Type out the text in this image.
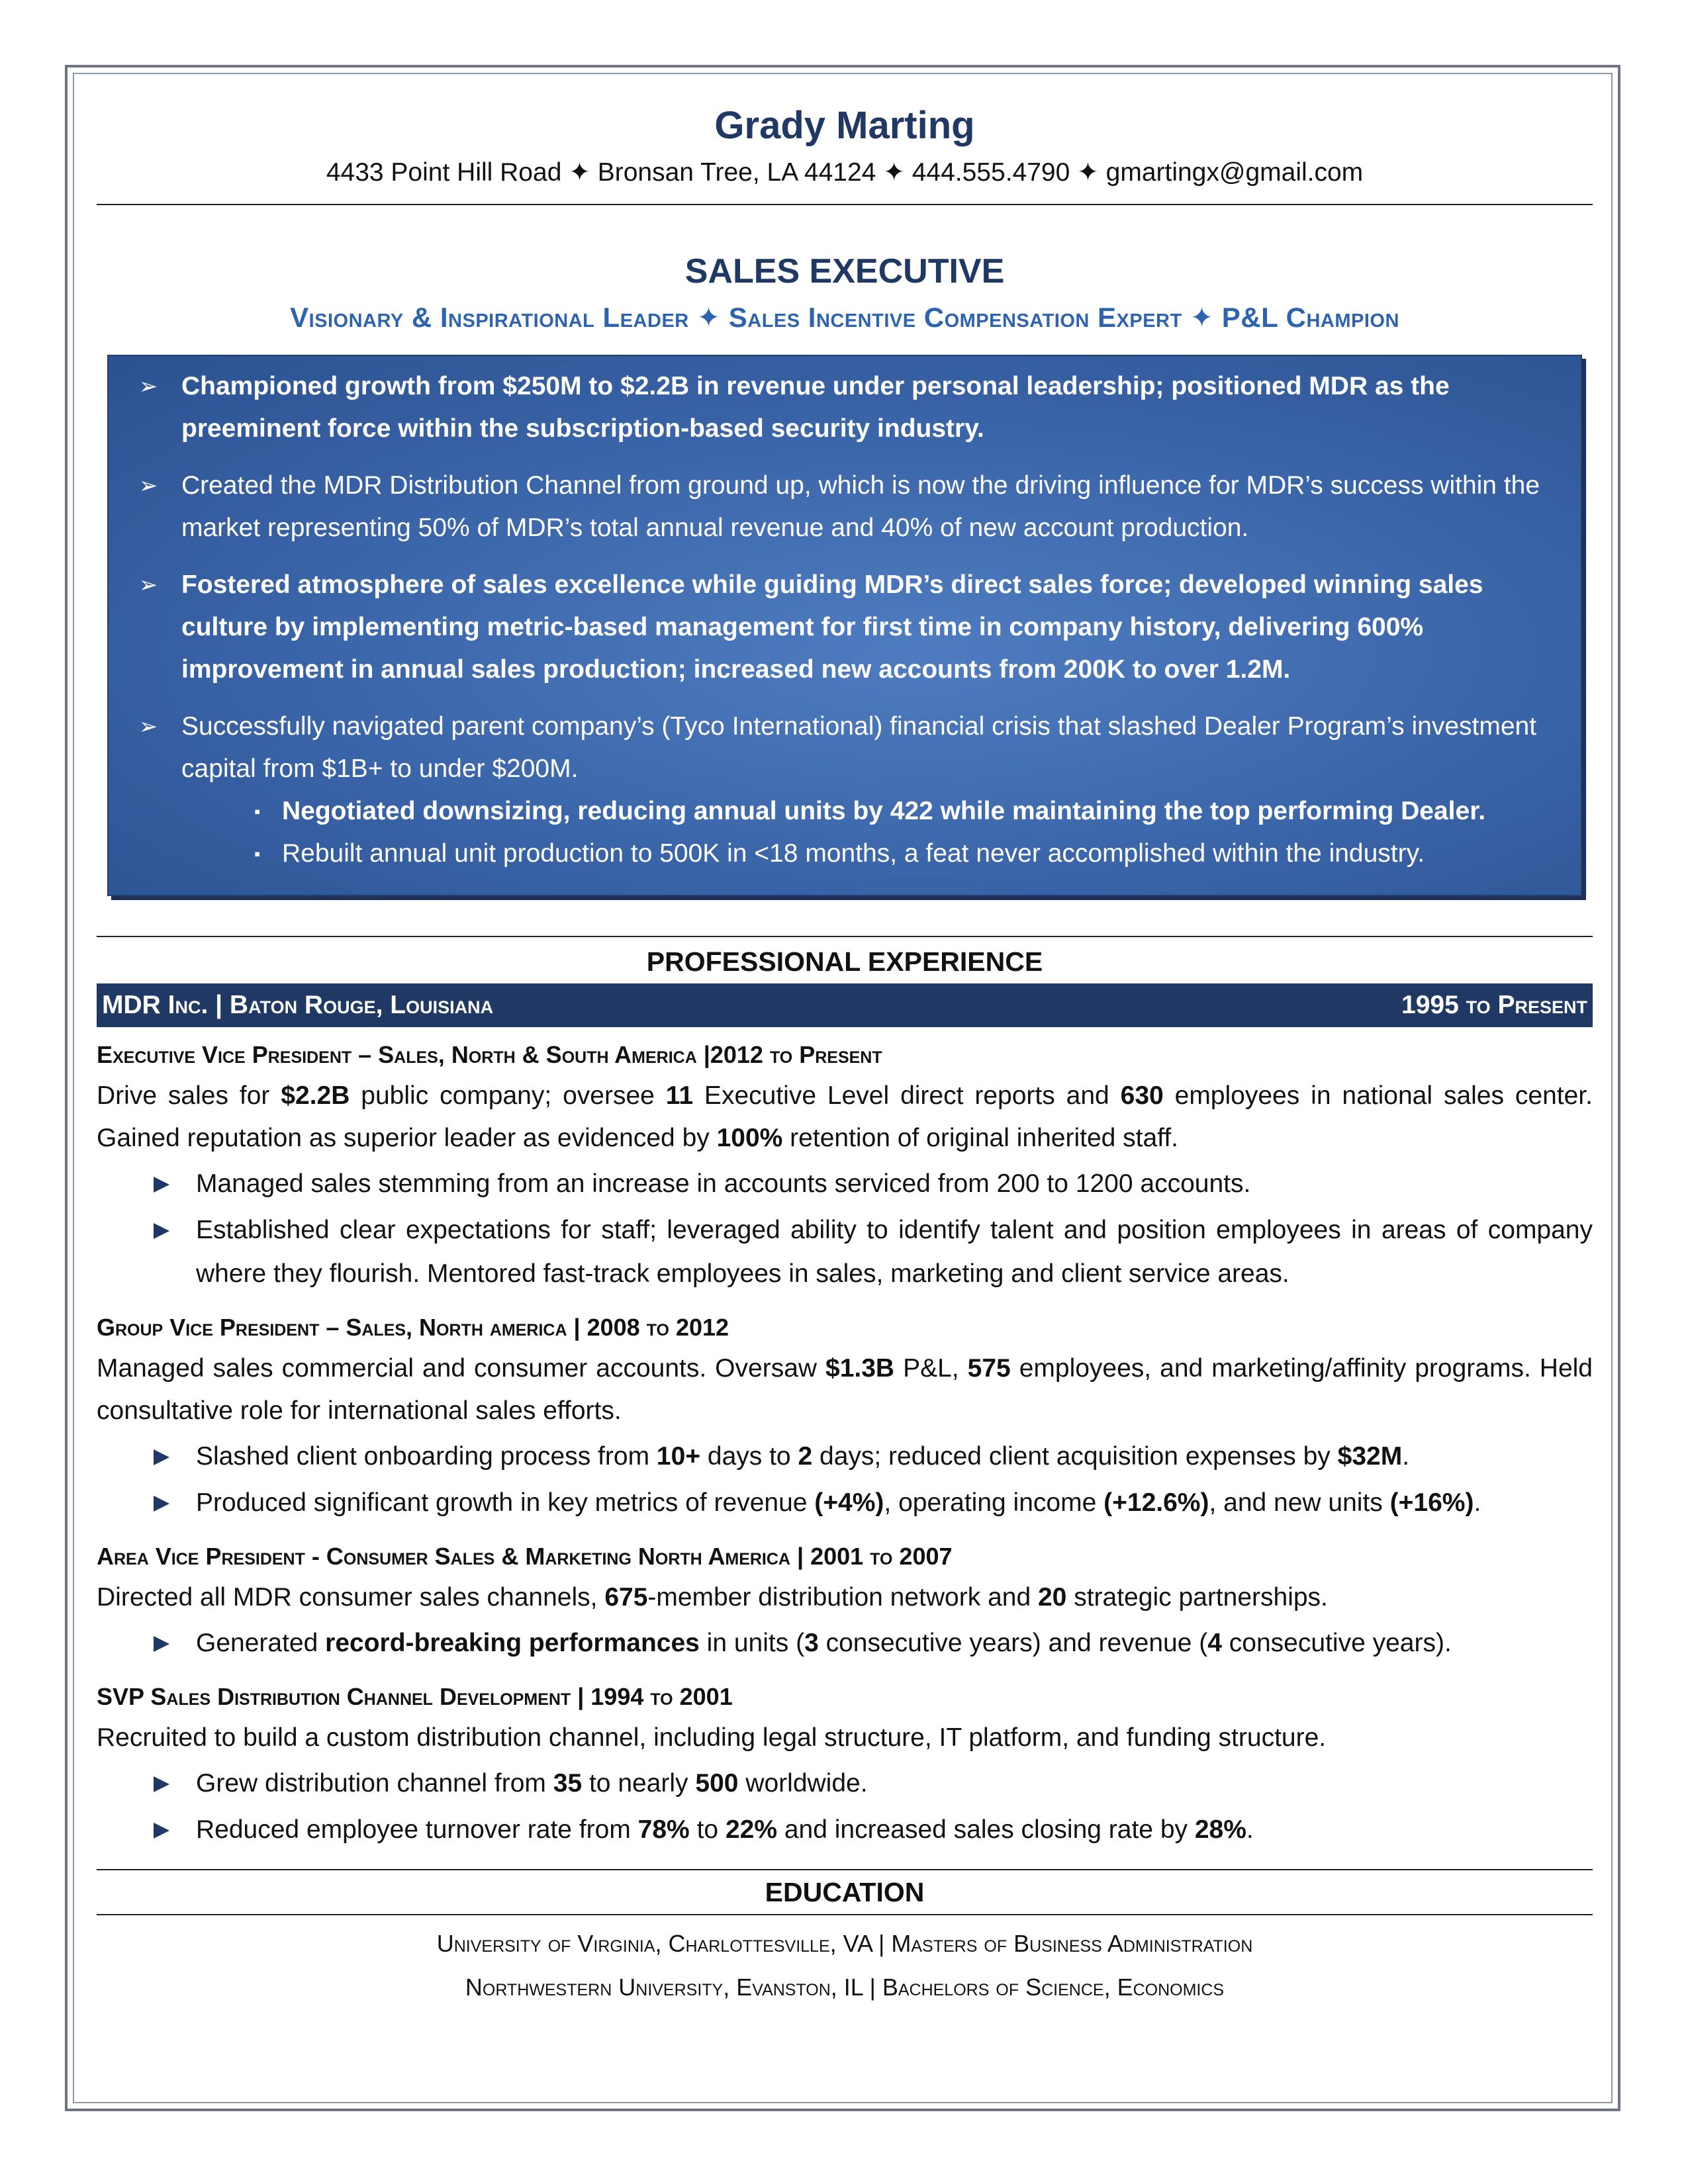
Grady Marting
4433 Point Hill Road ✦ Bronsan Tree, LA 44124 ✦ 444.555.4790 ✦ gmartingx@gmail.com
SALES EXECUTIVE
Visionary & Inspirational Leader ✦ Sales Incentive Compensation Expert ✦ P&L Champion
➢ Championed growth from $250M to $2.2B in revenue under personal leadership; positioned MDR as the preeminent force within the subscription-based security industry.
➢ Created the MDR Distribution Channel from ground up, which is now the driving influence for MDR’s success within the market representing 50% of MDR’s total annual revenue and 40% of new account production.
➢ Fostered atmosphere of sales excellence while guiding MDR’s direct sales force; developed winning sales culture by implementing metric-based management for first time in company history, delivering 600% improvement in annual sales production; increased new accounts from 200K to over 1.2M.
➢ Successfully navigated parent company’s (Tyco International) financial crisis that slashed Dealer Program’s investment capital from $1B+ to under $200M.
▪ Negotiated downsizing, reducing annual units by 422 while maintaining the top performing Dealer.
▪ Rebuilt annual unit production to 500K in <18 months, a feat never accomplished within the industry.
PROFESSIONAL EXPERIENCE
MDR Inc. | Baton Rouge, Louisiana	1995 to Present
Executive Vice President – Sales, North & South America |2012 to Present
Drive sales for $2.2B public company; oversee 11 Executive Level direct reports and 630 employees in national sales center. Gained reputation as superior leader as evidenced by 100% retention of original inherited staff.
Managed sales stemming from an increase in accounts serviced from 200 to 1200 accounts.
Established clear expectations for staff; leveraged ability to identify talent and position employees in areas of company where they flourish. Mentored fast-track employees in sales, marketing and client service areas.
Group Vice President – Sales, North america | 2008 to 2012
Managed sales commercial and consumer accounts. Oversaw $1.3B P&L, 575 employees, and marketing/affinity programs. Held consultative role for international sales efforts.
Slashed client onboarding process from 10+ days to 2 days; reduced client acquisition expenses by $32M.
Produced significant growth in key metrics of revenue (+4%), operating income (+12.6%), and new units (+16%).
Area Vice President - Consumer Sales & Marketing North America | 2001 to 2007
Directed all MDR consumer sales channels, 675-member distribution network and 20 strategic partnerships.
Generated record-breaking performances in units (3 consecutive years) and revenue (4 consecutive years).
SVP Sales Distribution Channel Development | 1994 to 2001
Recruited to build a custom distribution channel, including legal structure, IT platform, and funding structure.
Grew distribution channel from 35 to nearly 500 worldwide.
Reduced employee turnover rate from 78% to 22% and increased sales closing rate by 28%.
EDUCATION
University of Virginia, Charlottesville, VA | Masters of Business Administration
Northwestern University, Evanston, IL | Bachelors of Science, Economics
